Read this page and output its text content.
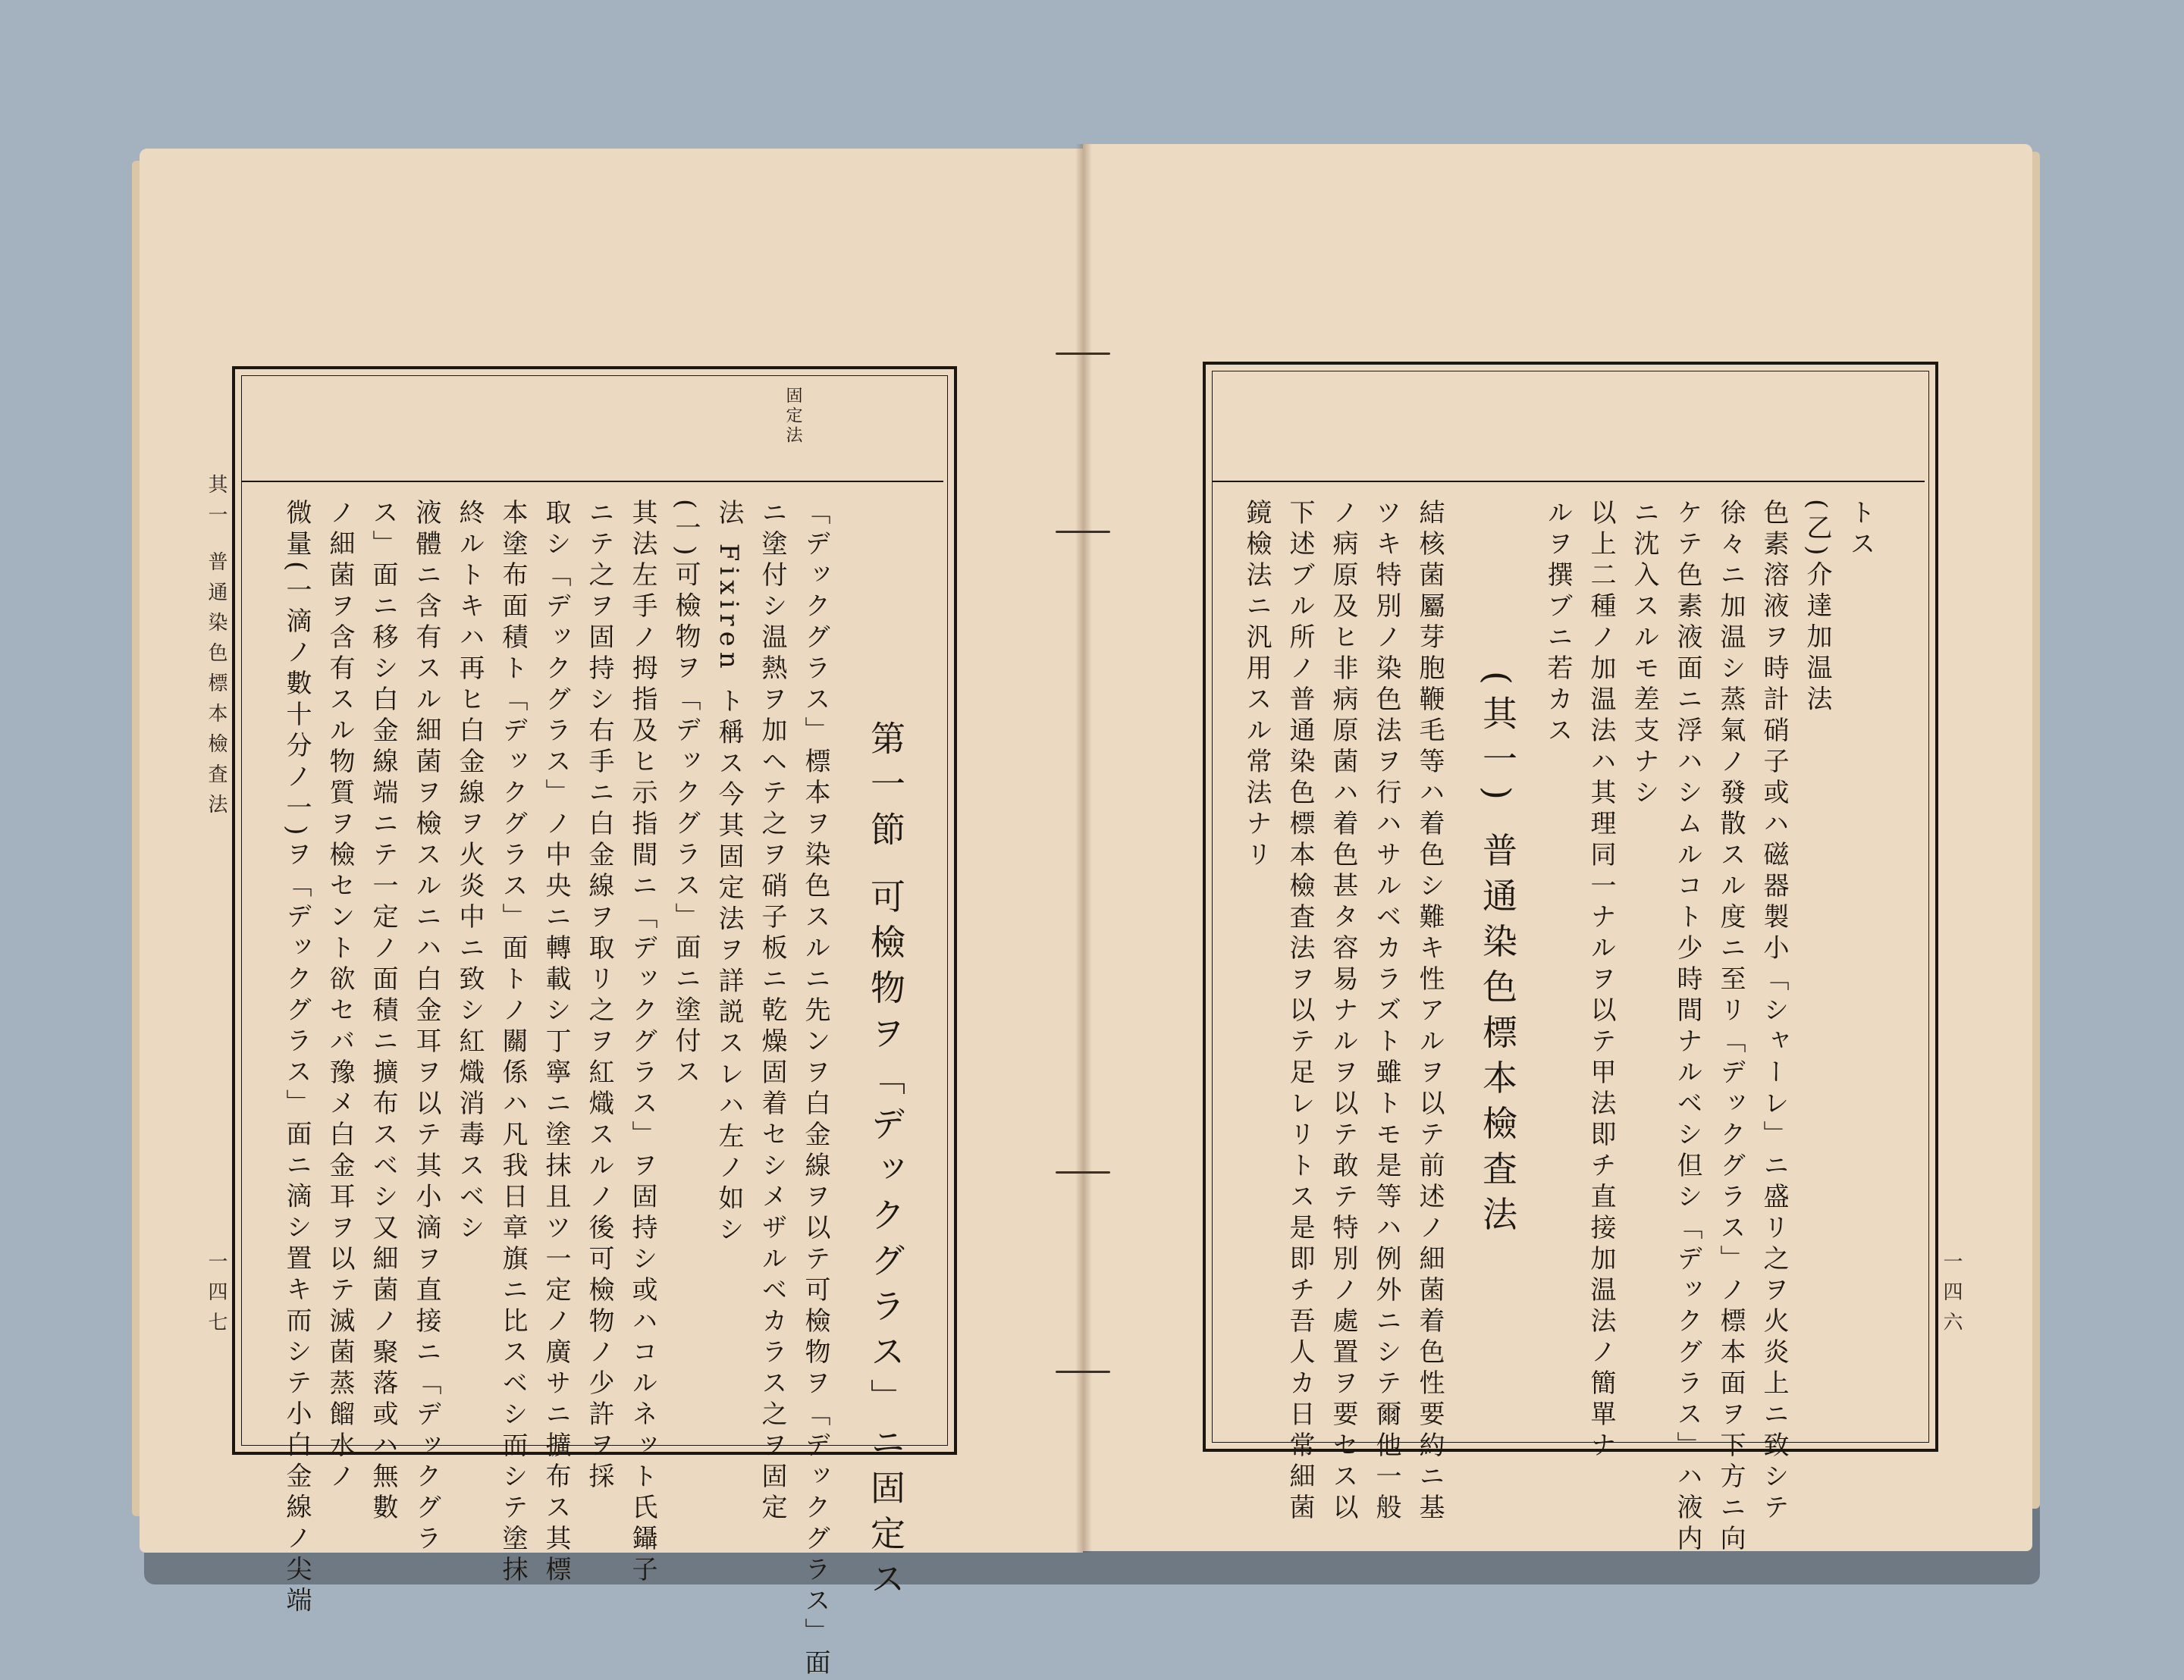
其一 普通染色標本檢査法
一四七
固定法
第一節 可檢物ヲ「デックグラス」ニ固定ス
「デックグラス」標本ヲ染色スルニ先ンヲ白金線ヲ以テ可檢物ヲ「デックグラス」面
ニ塗付シ温熱ヲ加ヘテ之ヲ硝子板ニ乾燥固着セシメザルベカラス之ヲ固定
法 Fixiren ト稱ス今其固定法ヲ詳説スレハ左ノ如シ
(一)可檢物ヲ「デックグラス」面ニ塗付ス
其法左手ノ拇指及ヒ示指間ニ「デックグラス」ヲ固持シ或ハコルネット氏鑷子
ニテ之ヲ固持シ右手ニ白金線ヲ取リ之ヲ紅熾スルノ後可檢物ノ少許ヲ採
取シ「デックグラス」ノ中央ニ轉載シ丁寧ニ塗抹且ツ一定ノ廣サニ擴布ス其標
本塗布面積ト「デックグラス」面トノ關係ハ凡我日章旗ニ比スベシ而シテ塗抹
終ルトキハ再ヒ白金線ヲ火炎中ニ致シ紅熾消毒スベシ
液體ニ含有スル細菌ヲ檢スルニハ白金耳ヲ以テ其小滴ヲ直接ニ「デックグラ
ス」面ニ移シ白金線端ニテ一定ノ面積ニ擴布スベシ又細菌ノ聚落或ハ無數
ノ細菌ヲ含有スル物質ヲ檢セント欲セバ豫メ白金耳ヲ以テ滅菌蒸餾水ノ
微量(一滴ノ數十分ノ一)ヲ「デックグラス」面ニ滴シ置キ而シテ小白金線ノ尖端	一四六
(其一) 普通染色標本檢査法
トス
(乙)介達加温法
色素溶液ヲ時計硝子或ハ磁器製小「シャーレ」ニ盛リ之ヲ火炎上ニ致シテ
徐々ニ加温シ蒸氣ノ發散スル度ニ至リ「デックグラス」ノ標本面ヲ下方ニ向
ケテ色素液面ニ浮ハシムルコト少時間ナルベシ但シ「デックグラス」ハ液内
ニ沈入スルモ差支ナシ
以上二種ノ加温法ハ其理同一ナルヲ以テ甲法即チ直接加温法ノ簡單ナ
ルヲ撰ブニ若カス
結核菌屬芽胞鞭毛等ハ着色シ難キ性アルヲ以テ前述ノ細菌着色性要約ニ基
ツキ特別ノ染色法ヲ行ハサルベカラズト雖トモ是等ハ例外ニシテ爾他一般
ノ病原及ヒ非病原菌ハ着色甚タ容易ナルヲ以テ敢テ特別ノ處置ヲ要セス以
下述ブル所ノ普通染色標本檢査法ヲ以テ足レリトス是即チ吾人カ日常細菌
鏡檢法ニ汎用スル常法ナリ
